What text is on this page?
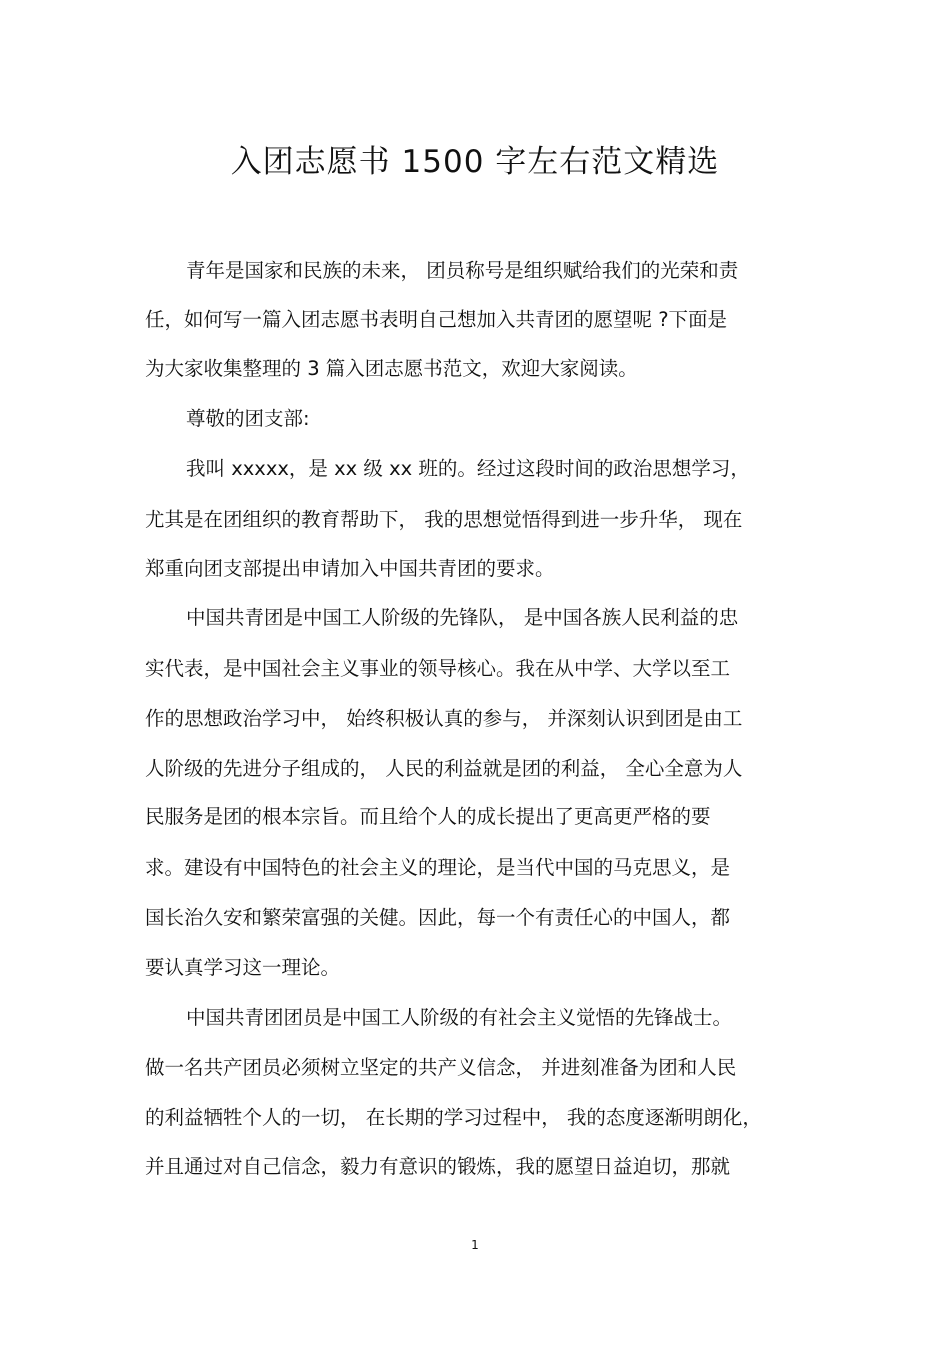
入团志愿书 1500 字左右范文精选
青年是国家和民族的未来， 团员称号是组织赋给我们的光荣和责
任，如何写一篇入团志愿书表明自己想加入共青团的愿望呢 ?下面是
为大家收集整理的 3 篇入团志愿书范文，欢迎大家阅读。
尊敬的团支部:
我叫 xxxxx，是 xx 级 xx 班的。经过这段时间的政治思想学习，
尤其是在团组织的教育帮助下， 我的思想觉悟得到进一步升华， 现在
郑重向团支部提出申请加入中国共青团的要求。
中国共青团是中国工人阶级的先锋队， 是中国各族人民利益的忠
实代表，是中国社会主义事业的领导核心。我在从中学、大学以至工
作的思想政治学习中， 始终积极认真的参与， 并深刻认识到团是由工
人阶级的先进分子组成的， 人民的利益就是团的利益， 全心全意为人
民服务是团的根本宗旨。而且给个人的成长提出了更高更严格的要
求。建设有中国特色的社会主义的理论，是当代中国的马克思义，是
国长治久安和繁荣富强的关健。因此，每一个有责任心的中国人，都
要认真学习这一理论。
中国共青团团员是中国工人阶级的有社会主义觉悟的先锋战士。
做一名共产团员必须树立坚定的共产义信念， 并进刻准备为团和人民
的利益牺牲个人的一切， 在长期的学习过程中， 我的态度逐渐明朗化，
并且通过对自己信念，毅力有意识的锻炼，我的愿望日益迫切，那就
1
